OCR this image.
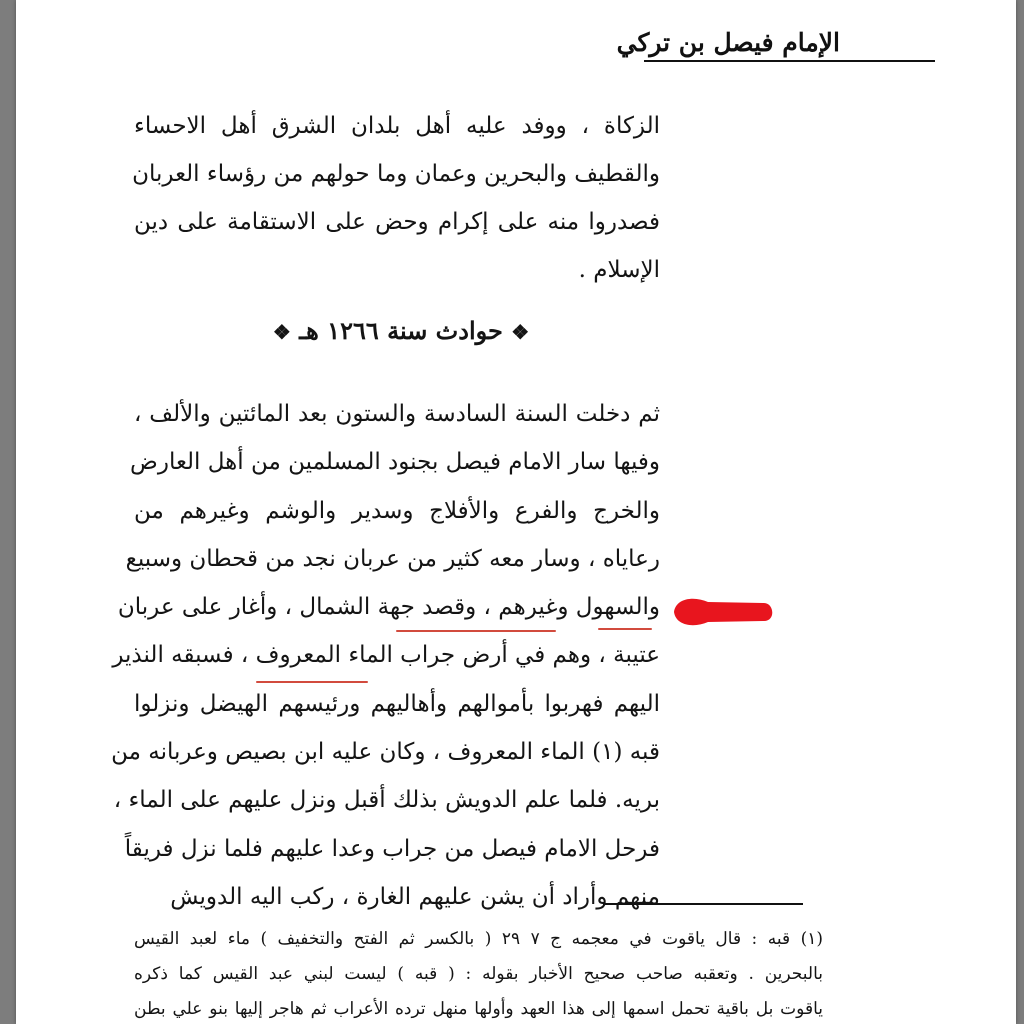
الإمام فيصل بن تركي
الزكاة ، ووفد عليه أهل بلدان الشرق أهل الاحساء
والقطيف والبحرين وعمان وما حولهم من رؤساء العربان
فصدروا منه على إكرام وحض على الاستقامة على دين
الإسلام .
❖ حوادث سنة ١٢٦٦ هـ ❖
ثم دخلت السنة السادسة والستون بعد المائتين والألف ،
وفيها سار الامام فيصل بجنود المسلمين من أهل العارض
والخرج والفرع والأفلاج وسدير والوشم وغيرهم من
رعاياه ، وسار معه كثير من عربان نجد من قحطان وسبيع
والسهول وغيرهم ، وقصد جهة الشمال ، وأغار على عربان
عتيبة ، وهم في أرض جراب الماء المعروف ، فسبقه النذير
اليهم فهربوا بأموالهم وأهاليهم ورئيسهم الهيضل ونزلوا
قبه (١) الماء المعروف ، وكان عليه ابن بصيص وعربانه من
بريه. فلما علم الدويش بذلك أقبل ونزل عليهم على الماء ،
فرحل الامام فيصل من جراب وعدا عليهم فلما نزل فريقاً
منهم وأراد أن يشن عليهم الغارة ، ركب اليه الدويش
(١) قبه : قال ياقوت في معجمه ج ٧ ٢٩ ( بالكسر ثم الفتح والتخفيف ) ماء لعبد القيس
بالبحرين . وتعقبه صاحب صحيح الأخبار بقوله : ( قبه ) ليست لبني عبد القيس كما ذكره
ياقوت بل باقية تحمل اسمها إلى هذا العهد وأولها منهل ترده الأعراب ثم هاجر إليها بنو علي بطن
